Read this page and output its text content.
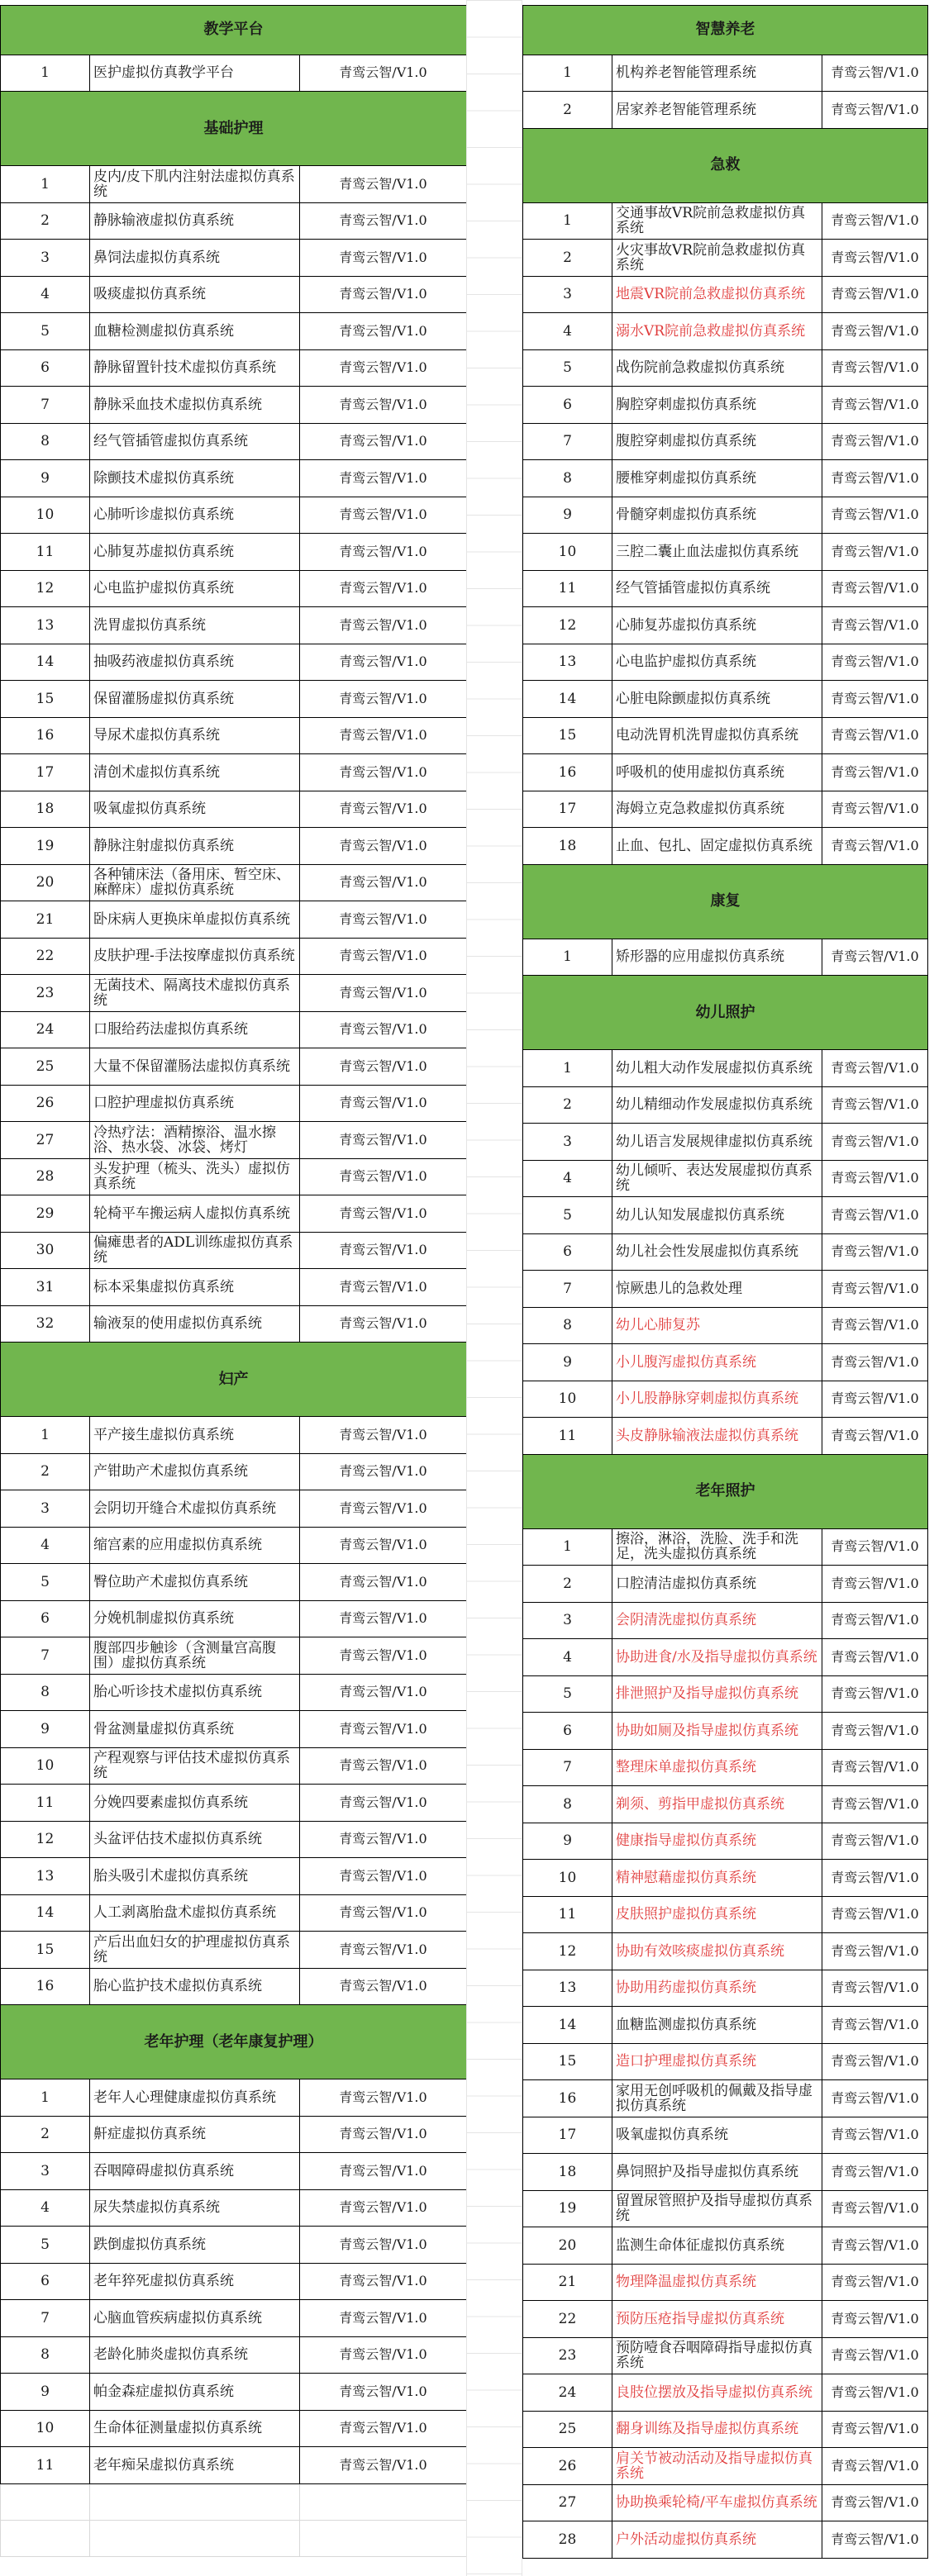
教学平台		
1	医护虚拟仿真教学平台	青鸾云智/V1.0
基础护理		
1	皮内/皮下肌内注射法虚拟仿真系统	青鸾云智/V1.0
2	静脉输液虚拟仿真系统	青鸾云智/V1.0
3	鼻饲法虚拟仿真系统	青鸾云智/V1.0
4	吸痰虚拟仿真系统	青鸾云智/V1.0
5	血糖检测虚拟仿真系统	青鸾云智/V1.0
6	静脉留置针技术虚拟仿真系统	青鸾云智/V1.0
7	静脉采血技术虚拟仿真系统	青鸾云智/V1.0
8	经气管插管虚拟仿真系统	青鸾云智/V1.0
9	除颤技术虚拟仿真系统	青鸾云智/V1.0
10	心肺听诊虚拟仿真系统	青鸾云智/V1.0
11	心肺复苏虚拟仿真系统	青鸾云智/V1.0
12	心电监护虚拟仿真系统	青鸾云智/V1.0
13	洗胃虚拟仿真系统	青鸾云智/V1.0
14	抽吸药液虚拟仿真系统	青鸾云智/V1.0
15	保留灌肠虚拟仿真系统	青鸾云智/V1.0
16	导尿术虚拟仿真系统	青鸾云智/V1.0
17	清创术虚拟仿真系统	青鸾云智/V1.0
18	吸氧虚拟仿真系统	青鸾云智/V1.0
19	静脉注射虚拟仿真系统	青鸾云智/V1.0
20	各种铺床法（备用床、暂空床、麻醉床）虚拟仿真系统	青鸾云智/V1.0
21	卧床病人更换床单虚拟仿真系统	青鸾云智/V1.0
22	皮肤护理-手法按摩虚拟仿真系统	青鸾云智/V1.0
23	无菌技术、隔离技术虚拟仿真系统	青鸾云智/V1.0
24	口服给药法虚拟仿真系统	青鸾云智/V1.0
25	大量不保留灌肠法虚拟仿真系统	青鸾云智/V1.0
26	口腔护理虚拟仿真系统	青鸾云智/V1.0
27	冷热疗法：酒精擦浴、温水擦浴、热水袋、冰袋、烤灯	青鸾云智/V1.0
28	头发护理（梳头、洗头）虚拟仿真系统	青鸾云智/V1.0
29	轮椅平车搬运病人虚拟仿真系统	青鸾云智/V1.0
30	偏瘫患者的ADL训练虚拟仿真系统	青鸾云智/V1.0
31	标本采集虚拟仿真系统	青鸾云智/V1.0
32	输液泵的使用虚拟仿真系统	青鸾云智/V1.0
妇产		
1	平产接生虚拟仿真系统	青鸾云智/V1.0
2	产钳助产术虚拟仿真系统	青鸾云智/V1.0
3	会阴切开缝合术虚拟仿真系统	青鸾云智/V1.0
4	缩宫素的应用虚拟仿真系统	青鸾云智/V1.0
5	臀位助产术虚拟仿真系统	青鸾云智/V1.0
6	分娩机制虚拟仿真系统	青鸾云智/V1.0
7	腹部四步触诊（含测量宫高腹围）虚拟仿真系统	青鸾云智/V1.0
8	胎心听诊技术虚拟仿真系统	青鸾云智/V1.0
9	骨盆测量虚拟仿真系统	青鸾云智/V1.0
10	产程观察与评估技术虚拟仿真系统	青鸾云智/V1.0
11	分娩四要素虚拟仿真系统	青鸾云智/V1.0
12	头盆评估技术虚拟仿真系统	青鸾云智/V1.0
13	胎头吸引术虚拟仿真系统	青鸾云智/V1.0
14	人工剥离胎盘术虚拟仿真系统	青鸾云智/V1.0
15	产后出血妇女的护理虚拟仿真系统	青鸾云智/V1.0
16	胎心监护技术虚拟仿真系统	青鸾云智/V1.0
老年护理（老年康复护理）		
1	老年人心理健康虚拟仿真系统	青鸾云智/V1.0
2	鼾症虚拟仿真系统	青鸾云智/V1.0
3	吞咽障碍虚拟仿真系统	青鸾云智/V1.0
4	尿失禁虚拟仿真系统	青鸾云智/V1.0
5	跌倒虚拟仿真系统	青鸾云智/V1.0
6	老年猝死虚拟仿真系统	青鸾云智/V1.0
7	心脑血管疾病虚拟仿真系统	青鸾云智/V1.0
8	老龄化肺炎虚拟仿真系统	青鸾云智/V1.0
9	帕金森症虚拟仿真系统	青鸾云智/V1.0
10	生命体征测量虚拟仿真系统	青鸾云智/V1.0
11	老年痴呆虚拟仿真系统	青鸾云智/V1.0

智慧养老		
1	机构养老智能管理系统	青鸾云智/V1.0
2	居家养老智能管理系统	青鸾云智/V1.0
急救		
1	交通事故VR院前急救虚拟仿真系统	青鸾云智/V1.0
2	火灾事故VR院前急救虚拟仿真系统	青鸾云智/V1.0
3	地震VR院前急救虚拟仿真系统	青鸾云智/V1.0
4	溺水VR院前急救虚拟仿真系统	青鸾云智/V1.0
5	战伤院前急救虚拟仿真系统	青鸾云智/V1.0
6	胸腔穿刺虚拟仿真系统	青鸾云智/V1.0
7	腹腔穿刺虚拟仿真系统	青鸾云智/V1.0
8	腰椎穿刺虚拟仿真系统	青鸾云智/V1.0
9	骨髓穿刺虚拟仿真系统	青鸾云智/V1.0
10	三腔二囊止血法虚拟仿真系统	青鸾云智/V1.0
11	经气管插管虚拟仿真系统	青鸾云智/V1.0
12	心肺复苏虚拟仿真系统	青鸾云智/V1.0
13	心电监护虚拟仿真系统	青鸾云智/V1.0
14	心脏电除颤虚拟仿真系统	青鸾云智/V1.0
15	电动洗胃机洗胃虚拟仿真系统	青鸾云智/V1.0
16	呼吸机的使用虚拟仿真系统	青鸾云智/V1.0
17	海姆立克急救虚拟仿真系统	青鸾云智/V1.0
18	止血、包扎、固定虚拟仿真系统	青鸾云智/V1.0
康复		
1	矫形器的应用虚拟仿真系统	青鸾云智/V1.0
幼儿照护		
1	幼儿粗大动作发展虚拟仿真系统	青鸾云智/V1.0
2	幼儿精细动作发展虚拟仿真系统	青鸾云智/V1.0
3	幼儿语言发展规律虚拟仿真系统	青鸾云智/V1.0
4	幼儿倾听、表达发展虚拟仿真系统	青鸾云智/V1.0
5	幼儿认知发展虚拟仿真系统	青鸾云智/V1.0
6	幼儿社会性发展虚拟仿真系统	青鸾云智/V1.0
7	惊厥患儿的急救处理	青鸾云智/V1.0
8	幼儿心肺复苏	青鸾云智/V1.0
9	小儿腹泻虚拟仿真系统	青鸾云智/V1.0
10	小儿股静脉穿刺虚拟仿真系统	青鸾云智/V1.0
11	头皮静脉输液法虚拟仿真系统	青鸾云智/V1.0
老年照护		
1	擦浴，淋浴，洗脸、洗手和洗足，洗头虚拟仿真系统	青鸾云智/V1.0
2	口腔清洁虚拟仿真系统	青鸾云智/V1.0
3	会阴清洗虚拟仿真系统	青鸾云智/V1.0
4	协助进食/水及指导虚拟仿真系统	青鸾云智/V1.0
5	排泄照护及指导虚拟仿真系统	青鸾云智/V1.0
6	协助如厕及指导虚拟仿真系统	青鸾云智/V1.0
7	整理床单虚拟仿真系统	青鸾云智/V1.0
8	剃须、剪指甲虚拟仿真系统	青鸾云智/V1.0
9	健康指导虚拟仿真系统	青鸾云智/V1.0
10	精神慰藉虚拟仿真系统	青鸾云智/V1.0
11	皮肤照护虚拟仿真系统	青鸾云智/V1.0
12	协助有效咳痰虚拟仿真系统	青鸾云智/V1.0
13	协助用药虚拟仿真系统	青鸾云智/V1.0
14	血糖监测虚拟仿真系统	青鸾云智/V1.0
15	造口护理虚拟仿真系统	青鸾云智/V1.0
16	家用无创呼吸机的佩戴及指导虚拟仿真系统	青鸾云智/V1.0
17	吸氧虚拟仿真系统	青鸾云智/V1.0
18	鼻饲照护及指导虚拟仿真系统	青鸾云智/V1.0
19	留置尿管照护及指导虚拟仿真系统	青鸾云智/V1.0
20	监测生命体征虚拟仿真系统	青鸾云智/V1.0
21	物理降温虚拟仿真系统	青鸾云智/V1.0
22	预防压疮指导虚拟仿真系统	青鸾云智/V1.0
23	预防噎食吞咽障碍指导虚拟仿真系统	青鸾云智/V1.0
24	良肢位摆放及指导虚拟仿真系统	青鸾云智/V1.0
25	翻身训练及指导虚拟仿真系统	青鸾云智/V1.0
26	肩关节被动活动及指导虚拟仿真系统	青鸾云智/V1.0
27	协助换乘轮椅/平车虚拟仿真系统	青鸾云智/V1.0
28	户外活动虚拟仿真系统	青鸾云智/V1.0
